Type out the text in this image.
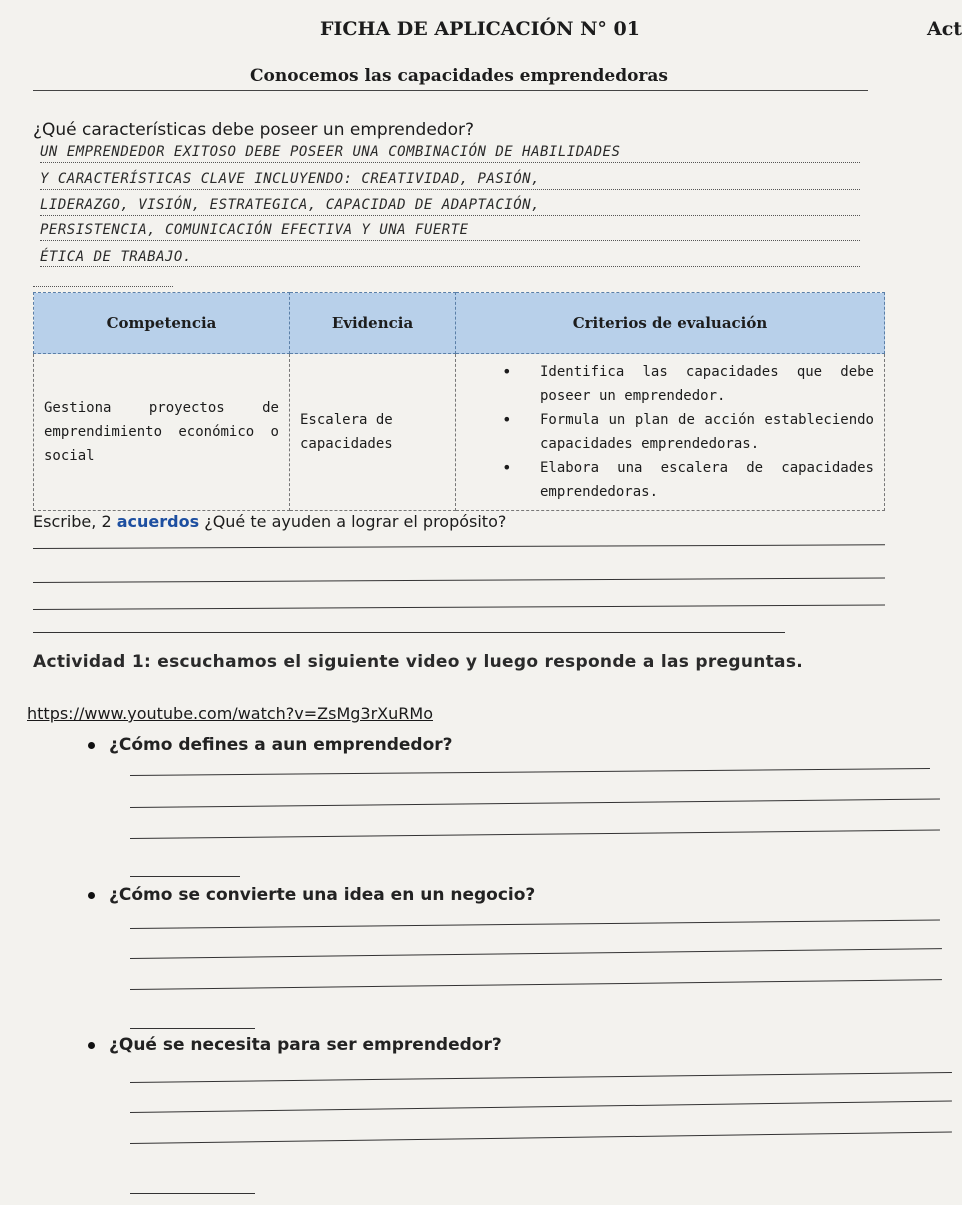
FICHA DE APLICACIÓN N° 01	Act
Conocemos las capacidades emprendedoras
¿Qué características debe poseer un emprendedor?
UN EMPRENDEDOR EXITOSO DEBE POSEER UNA COMBINACIÓN DE HABILIDADES
Y CARACTERÍSTICAS CLAVE INCLUYENDO: CREATIVIDAD, PASIÓN,
LIDERAZGO, VISIÓN, ESTRATEGICA, CAPACIDAD DE ADAPTACIÓN,
PERSISTENCIA, COMUNICACIÓN EFECTIVA Y UNA FUERTE
ÉTICA DE TRABAJO.
Competencia	Evidencia	Criterios de evaluación
Gestiona proyectos de emprendimiento económico o social	Escalera de capacidades	• Identifica las capacidades que debe poseer un emprendedor.
• Formula un plan de acción estableciendo capacidades emprendedoras.
• Elabora una escalera de capacidades emprendedoras.
Escribe, 2 acuerdos ¿Qué te ayuden a lograr el propósito?
Actividad 1: escuchamos el siguiente video y luego responde a las preguntas.
https://www.youtube.com/watch?v=ZsMg3rXuRMo
¿Cómo defines a aun emprendedor?
¿Cómo se convierte una idea en un negocio?
¿Qué se necesita para ser emprendedor?
